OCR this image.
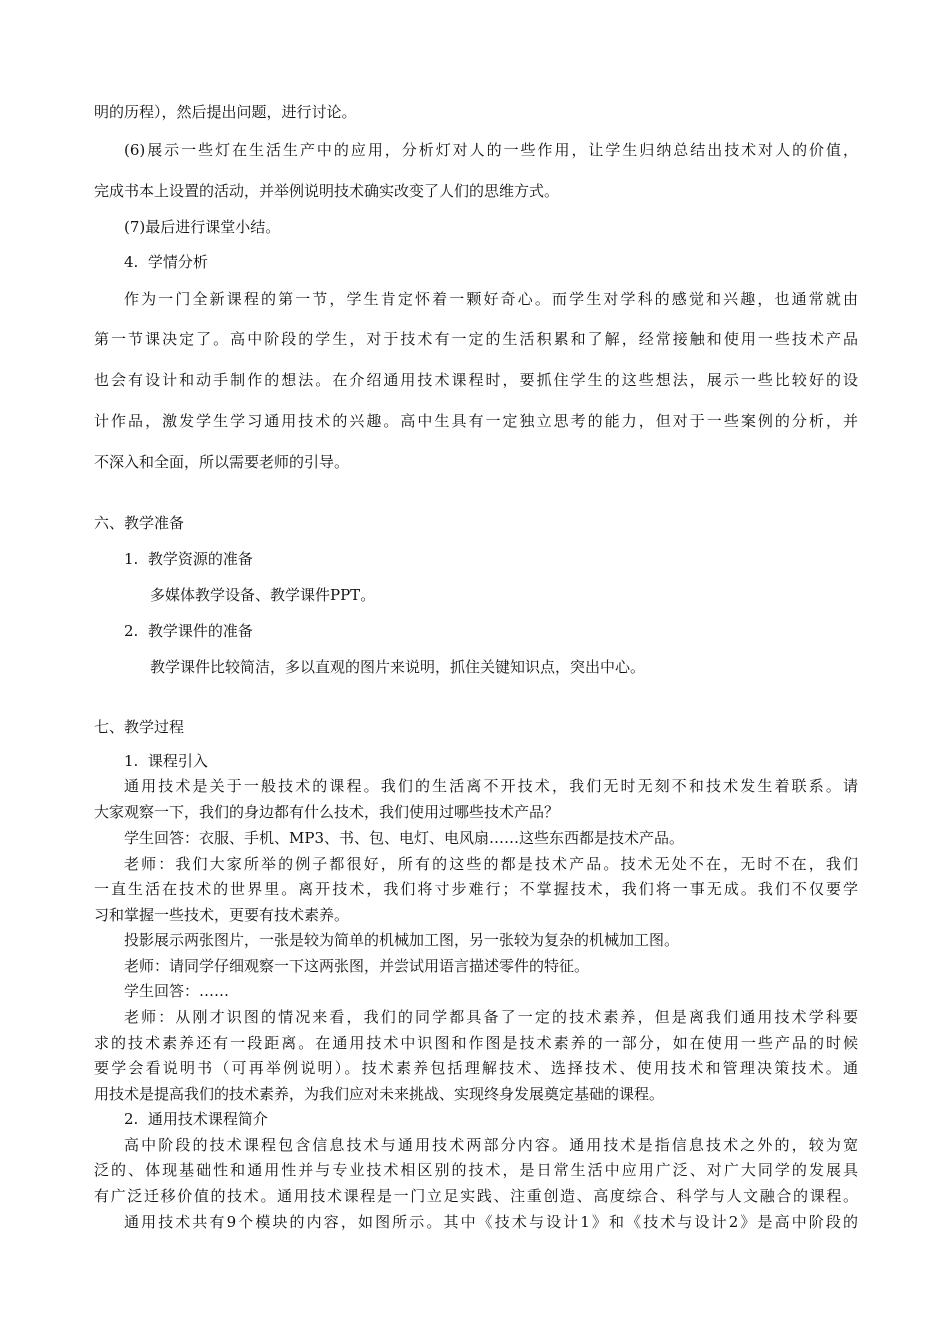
明的历程），然后提出问题，进行讨论。
(6)展示一些灯在生活生产中的应用，分析灯对人的一些作用，让学生归纳总结出技术对人的价值，
完成书本上设置的活动，并举例说明技术确实改变了人们的思维方式。
(7)最后进行课堂小结。
4.  学情分析
作为一门全新课程的第一节，学生肯定怀着一颗好奇心。而学生对学科的感觉和兴趣，也通常就由
第一节课决定了。高中阶段的学生，对于技术有一定的生活积累和了解，经常接触和使用一些技术产品
也会有设计和动手制作的想法。在介绍通用技术课程时，要抓住学生的这些想法，展示一些比较好的设
计作品，激发学生学习通用技术的兴趣。高中生具有一定独立思考的能力，但对于一些案例的分析，并
不深入和全面，所以需要老师的引导。
六、教学准备
1.  教学资源的准备
多媒体教学设备、教学课件PPT。
2.  教学课件的准备
教学课件比较简洁，多以直观的图片来说明，抓住关键知识点，突出中心。
七、教学过程
1.  课程引入
通用技术是关于一般技术的课程。我们的生活离不开技术，我们无时无刻不和技术发生着联系。请
大家观察一下，我们的身边都有什么技术，我们使用过哪些技术产品？
学生回答：衣服、手机、MP3、书、包、电灯、电风扇……这些东西都是技术产品。
老师：我们大家所举的例子都很好，所有的这些的都是技术产品。技术无处不在，无时不在，我们
一直生活在技术的世界里。离开技术，我们将寸步难行；不掌握技术，我们将一事无成。我们不仅要学
习和掌握一些技术，更要有技术素养。
投影展示两张图片，一张是较为简单的机械加工图，另一张较为复杂的机械加工图。
老师：请同学仔细观察一下这两张图，并尝试用语言描述零件的特征。
学生回答：……
老师：从刚才识图的情况来看，我们的同学都具备了一定的技术素养，但是离我们通用技术学科要
求的技术素养还有一段距离。在通用技术中识图和作图是技术素养的一部分，如在使用一些产品的时候
要学会看说明书（可再举例说明）。技术素养包括理解技术、选择技术、使用技术和管理决策技术。通
用技术是提高我们的技术素养，为我们应对未来挑战、实现终身发展奠定基础的课程。
2.  通用技术课程简介
高中阶段的技术课程包含信息技术与通用技术两部分内容。通用技术是指信息技术之外的，较为宽
泛的、体现基础性和通用性并与专业技术相区别的技术，是日常生活中应用广泛、对广大同学的发展具
有广泛迁移价值的技术。通用技术课程是一门立足实践、注重创造、高度综合、科学与人文融合的课程。
通用技术共有9个模块的内容，如图所示。其中《技术与设计1》和《技术与设计2》是高中阶段的
